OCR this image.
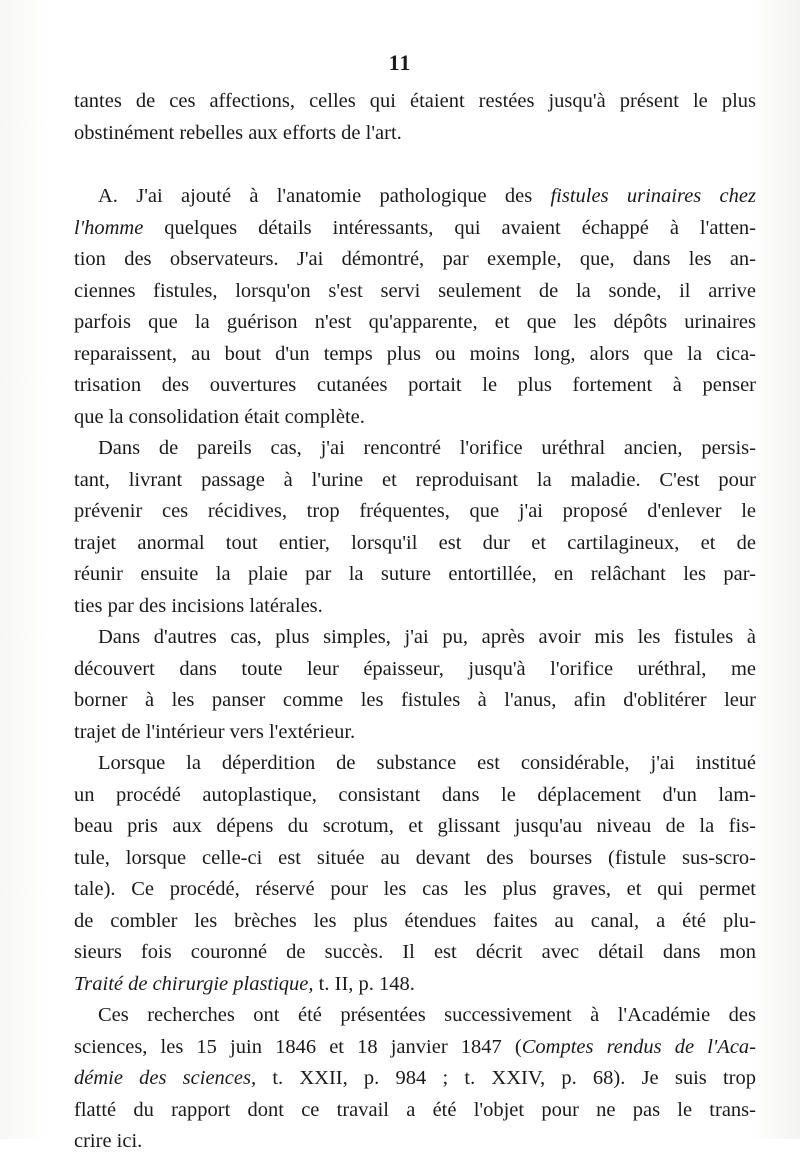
11
tantes de ces affections, celles qui étaient restées jusqu'à présent le plus
obstinément rebelles aux efforts de l'art.
A. J'ai ajouté à l'anatomie pathologique des fistules urinaires chez
l'homme quelques détails intéressants, qui avaient échappé à l'atten-
tion des observateurs. J'ai démontré, par exemple, que, dans les an-
ciennes fistules, lorsqu'on s'est servi seulement de la sonde, il arrive
parfois que la guérison n'est qu'apparente, et que les dépôts urinaires
reparaissent, au bout d'un temps plus ou moins long, alors que la cica-
trisation des ouvertures cutanées portait le plus fortement à penser
que la consolidation était complète.
Dans de pareils cas, j'ai rencontré l'orifice uréthral ancien, persis-
tant, livrant passage à l'urine et reproduisant la maladie. C'est pour
prévenir ces récidives, trop fréquentes, que j'ai proposé d'enlever le
trajet anormal tout entier, lorsqu'il est dur et cartilagineux, et de
réunir ensuite la plaie par la suture entortillée, en relâchant les par-
ties par des incisions latérales.
Dans d'autres cas, plus simples, j'ai pu, après avoir mis les fistules à
découvert dans toute leur épaisseur, jusqu'à l'orifice uréthral, me
borner à les panser comme les fistules à l'anus, afin d'oblitérer leur
trajet de l'intérieur vers l'extérieur.
Lorsque la déperdition de substance est considérable, j'ai institué
un procédé autoplastique, consistant dans le déplacement d'un lam-
beau pris aux dépens du scrotum, et glissant jusqu'au niveau de la fis-
tule, lorsque celle-ci est située au devant des bourses (fistule sus-scro-
tale). Ce procédé, réservé pour les cas les plus graves, et qui permet
de combler les brèches les plus étendues faites au canal, a été plu-
sieurs fois couronné de succès. Il est décrit avec détail dans mon
Traité de chirurgie plastique, t. II, p. 148.
Ces recherches ont été présentées successivement à l'Académie des
sciences, les 15 juin 1846 et 18 janvier 1847 (Comptes rendus de l'Aca-
démie des sciences, t. XXII, p. 984 ; t. XXIV, p. 68). Je suis trop
flatté du rapport dont ce travail a été l'objet pour ne pas le trans-
crire ici.
